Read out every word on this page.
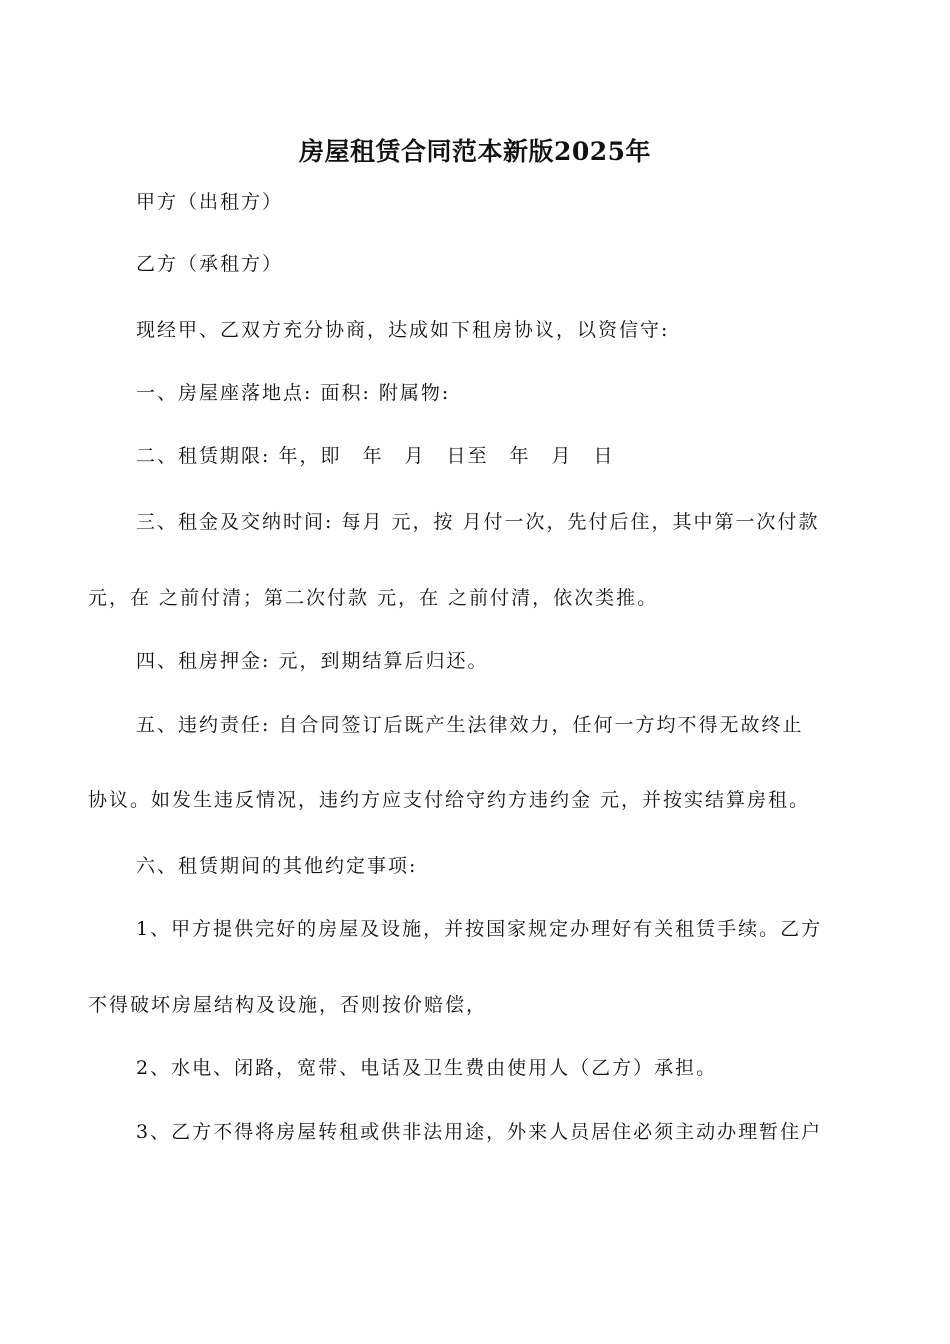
房屋租赁合同范本新版2025年
甲方（出租方）
乙方（承租方）
现经甲、乙双方充分协商，达成如下租房协议，以资信守:
一、房屋座落地点: 面积: 附属物:
二、租赁期限: 年，即　年　月　日至　年　月　日
三、租金及交纳时间: 每月 元，按 月付一次，先付后住，其中第一次付款
元，在 之前付清；第二次付款 元，在 之前付清，依次类推。
四、租房押金: 元，到期结算后归还。
五、违约责任: 自合同签订后既产生法律效力，任何一方均不得无故终止
协议。如发生违反情况，违约方应支付给守约方违约金 元，并按实结算房租。
六、租赁期间的其他约定事项:
1、甲方提供完好的房屋及设施，并按国家规定办理好有关租赁手续。乙方
不得破坏房屋结构及设施，否则按价赔偿，
2、水电、闭路，宽带、电话及卫生费由使用人（乙方）承担。
3、乙方不得将房屋转租或供非法用途，外来人员居住必须主动办理暂住户
